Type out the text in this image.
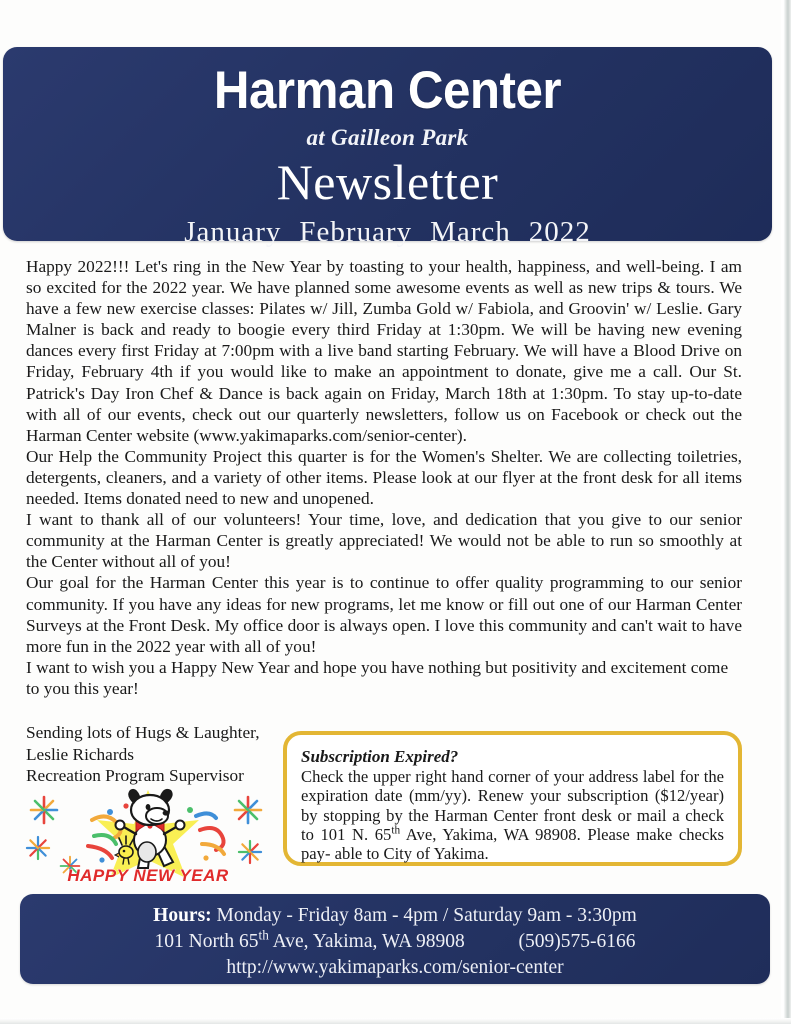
Harman Center
at Gailleon Park
Newsletter
January February March 2022

Happy 2022!!! Let's ring in the New Year by toasting to your health, happiness, and well-being. I am so excited for the 2022 year. We have planned some awesome events as well as new trips & tours. We have a few new exercise classes: Pilates w/ Jill, Zumba Gold w/ Fabiola, and Groovin' w/ Leslie. Gary Malner is back and ready to boogie every third Friday at 1:30pm. We will be having new evening dances every first Friday at 7:00pm with a live band starting February. We will have a Blood Drive on Friday, February 4th if you would like to make an appointment to donate, give me a call. Our St. Patrick's Day Iron Chef & Dance is back again on Friday, March 18th at 1:30pm. To stay up-to-date with all of our events, check out our quarterly newsletters, follow us on Facebook or check out the Harman Center website (www.yakimaparks.com/senior-center).

Our Help the Community Project this quarter is for the Women's Shelter. We are collecting toiletries, detergents, cleaners, and a variety of other items. Please look at our flyer at the front desk for all items needed. Items donated need to new and unopened.

I want to thank all of our volunteers! Your time, love, and dedication that you give to our senior community at the Harman Center is greatly appreciated! We would not be able to run so smoothly at the Center without all of you!

Our goal for the Harman Center this year is to continue to offer quality programming to our senior community. If you have any ideas for new programs, let me know or fill out one of our Harman Center Surveys at the Front Desk. My office door is always open. I love this community and can't wait to have more fun in the 2022 year with all of you!

I want to wish you a Happy New Year and hope you have nothing but positivity and excitement come to you this year!

Sending lots of Hugs & Laughter,
Leslie Richards
Recreation Program Supervisor
HAPPY NEW YEAR
Subscription Expired?
Check the upper right hand corner of your address label for the expiration date (mm/yy). Renew your subscription ($12/year) by stopping by the Harman Center front desk or mail a check to 101 N. 65th Ave, Yakima, WA 98908. Please make checks pay- able to City of Yakima.
Hours: Monday - Friday 8am - 4pm / Saturday 9am - 3:30pm
101 North 65th Ave, Yakima, WA 98908	(509)575-6166
http://www.yakimaparks.com/senior-center
